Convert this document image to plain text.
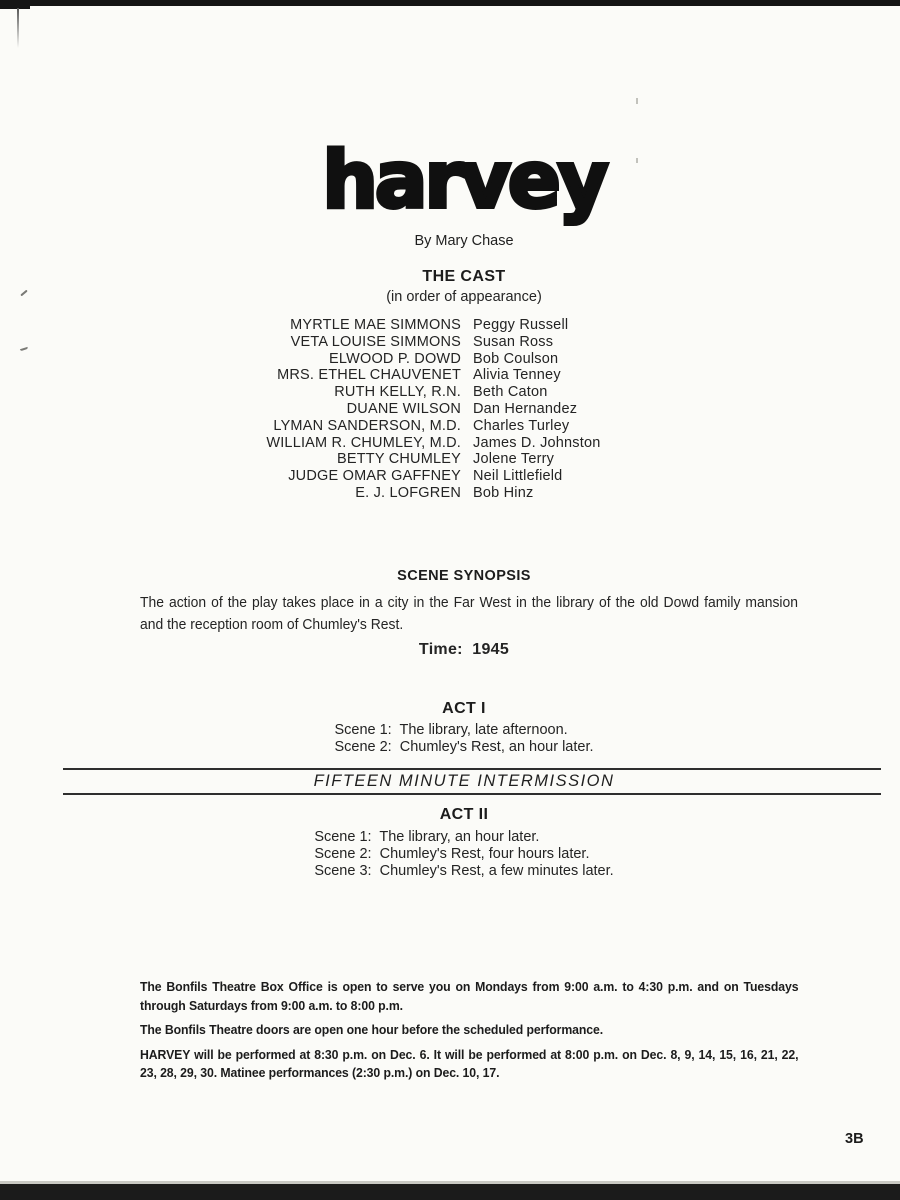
harvey
By Mary Chase
THE CAST
(in order of appearance)
MYRTLE MAE SIMMONS Peggy Russell
VETA LOUISE SIMMONS Susan Ross
ELWOOD P. DOWD Bob Coulson
MRS. ETHEL CHAUVENET Alivia Tenney
RUTH KELLY, R.N. Beth Caton
DUANE WILSON Dan Hernandez
LYMAN SANDERSON, M.D. Charles Turley
WILLIAM R. CHUMLEY, M.D. James D. Johnston
BETTY CHUMLEY Jolene Terry
JUDGE OMAR GAFFNEY Neil Littlefield
E. J. LOFGREN Bob Hinz
SCENE SYNOPSIS
The action of the play takes place in a city in the Far West in the library of the old Dowd family mansion and the reception room of Chumley's Rest.
Time:  1945
ACT I
Scene 1:  The library, late afternoon.
Scene 2:  Chumley's Rest, an hour later.
FIFTEEN MINUTE INTERMISSION
ACT II
Scene 1:  The library, an hour later.
Scene 2:  Chumley's Rest, four hours later.
Scene 3:  Chumley's Rest, a few minutes later.

The Bonfils Theatre Box Office is open to serve you on Mondays from 9:00 a.m. to 4:30 p.m. and on Tuesdays through Saturdays from 9:00 a.m. to 8:00 p.m.

The Bonfils Theatre doors are open one hour before the scheduled performance.

HARVEY will be performed at 8:30 p.m. on Dec. 6. It will be performed at 8:00 p.m. on Dec. 8, 9, 14, 15, 16, 21, 22, 23, 28, 29, 30. Matinee performances (2:30 p.m.) on Dec. 10, 17.

3B
